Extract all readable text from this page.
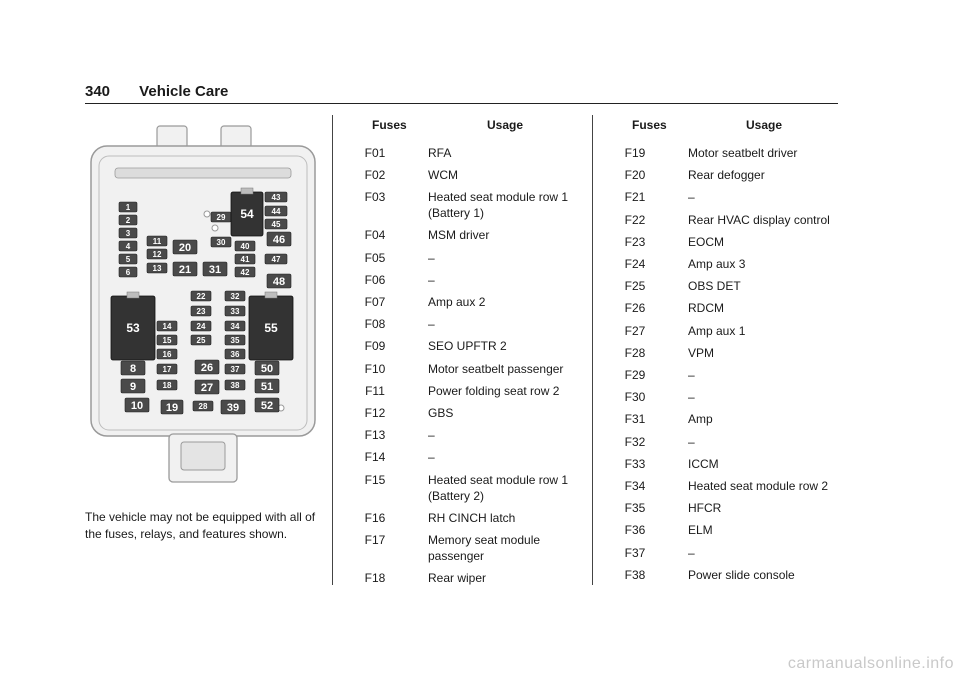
340 Vehicle Care
1
2
3
4
5
6
8
9
10
11
12
13
14
15
16
17
18
19
20
21
22
23
24
25
26
27
28
29
30
31
32
33
34
35
36
37
38
39
40
41
42
43
44
45
46
47
48
50
51
52
53
54
55
The vehicle may not be equipped with all of the fuses, relays, and features shown.
Fuses	Usage
F01	RFA
F02	WCM
F03	Heated seat module row 1
(Battery 1)
F04	MSM driver
F05	–
F06	–
F07	Amp aux 2
F08	–
F09	SEO UPFTR 2
F10	Motor seatbelt passenger
F11	Power folding seat row 2
F12	GBS
F13	–
F14	–
F15	Heated seat module row 1
(Battery 2)
F16	RH CINCH latch
F17	Memory seat module
passenger
F18	Rear wiper
Fuses	Usage
F19	Motor seatbelt driver
F20	Rear defogger
F21	–
F22	Rear HVAC display control
F23	EOCM
F24	Amp aux 3
F25	OBS DET
F26	RDCM
F27	Amp aux 1
F28	VPM
F29	–
F30	–
F31	Amp
F32	–
F33	ICCM
F34	Heated seat module row 2
F35	HFCR
F36	ELM
F37	–
F38	Power slide console
carmanualsonline.info
